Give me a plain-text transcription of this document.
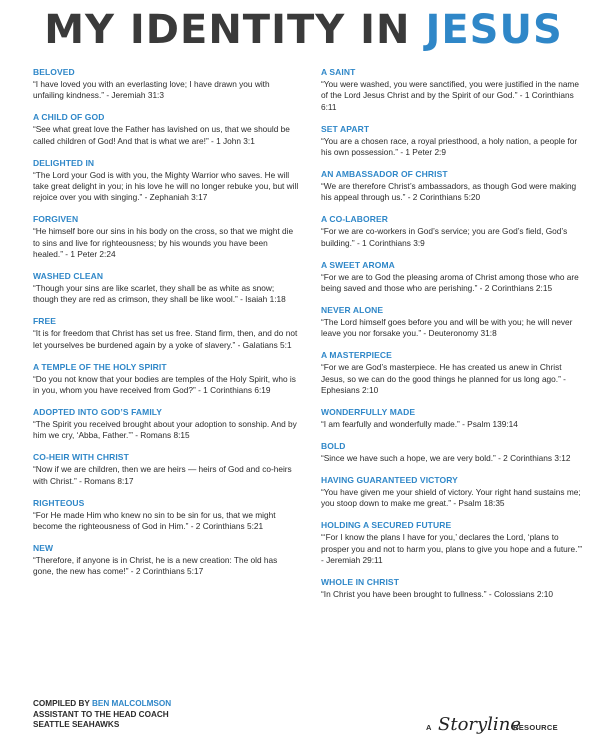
MY IDENTITY IN JESUS
BELOVED
“I have loved you with an everlasting love; I have drawn you with unfailing kindness.” - Jeremiah 31:3
A CHILD OF GOD
“See what great love the Father has lavished on us, that we should be called children of God! And that is what we are!” - 1 John 3:1
DELIGHTED IN
“The Lord your God is with you, the Mighty Warrior who saves. He will take great delight in you; in his love he will no longer rebuke you, but will rejoice over you with singing.” - Zephaniah 3:17
FORGIVEN
“He himself bore our sins in his body on the cross, so that we might die to sins and live for righteousness; by his wounds you have been healed.” - 1 Peter 2:24
WASHED CLEAN
“Though your sins are like scarlet, they shall be as white as snow; though they are red as crimson, they shall be like wool.” - Isaiah 1:18
FREE
“It is for freedom that Christ has set us free. Stand firm, then, and do not let yourselves be burdened again by a yoke of slavery.” - Galatians 5:1
A TEMPLE OF THE HOLY SPIRIT
“Do you not know that your bodies are temples of the Holy Spirit, who is in you, whom you have received from God?” - 1 Corinthians 6:19
ADOPTED INTO GOD’S FAMILY
“The Spirit you received brought about your adoption to sonship. And by him we cry, ‘Abba, Father.’” - Romans 8:15
CO-HEIR WITH CHRIST
“Now if we are children, then we are heirs — heirs of God and co-heirs with Christ.” - Romans 8:17
RIGHTEOUS
“For He made Him who knew no sin to be sin for us, that we might become the righteousness of God in Him.” - 2 Corinthians 5:21
NEW
“Therefore, if anyone is in Christ, he is a new creation: The old has gone, the new has come!” - 2 Corinthians 5:17
A SAINT
“You were washed, you were sanctified, you were justified in the name of the Lord Jesus Christ and by the Spirit of our God.” - 1 Corinthians 6:11
SET APART
“You are a chosen race, a royal priesthood, a holy nation, a people for his own possession.” - 1 Peter 2:9
AN AMBASSADOR OF CHRIST
“We are therefore Christ’s ambassadors, as though God were making his appeal through us.” - 2 Corinthians 5:20
A CO-LABORER
“For we are co-workers in God’s service; you are God’s field, God’s building.” - 1 Corinthians 3:9
A SWEET AROMA
“For we are to God the pleasing aroma of Christ among those who are being saved and those who are perishing.” - 2 Corinthians 2:15
NEVER ALONE
“The Lord himself goes before you and will be with you; he will never leave you nor forsake you.” - Deuteronomy 31:8
A MASTERPIECE
“For we are God’s masterpiece. He has created us anew in Christ Jesus, so we can do the good things he planned for us long ago.” - Ephesians 2:10
WONDERFULLY MADE
“I am fearfully and wonderfully made.” - Psalm 139:14
BOLD
“Since we have such a hope, we are very bold.” - 2 Corinthians 3:12
HAVING GUARANTEED VICTORY
“You have given me your shield of victory. Your right hand sustains me; you stoop down to make me great.” - Psalm 18:35
HOLDING A SECURED FUTURE
“‘For I know the plans I have for you,’ declares the Lord, ‘plans to prosper you and not to harm you, plans to give you hope and a future.’” - Jeremiah 29:11
WHOLE IN CHRIST
“In Christ you have been brought to fullness.” - Colossians 2:10
COMPILED BY BEN MALCOLMSON
ASSISTANT TO THE HEAD COACH
SEATTLE SEAHAWKS	A Storyline
RESOURCE
